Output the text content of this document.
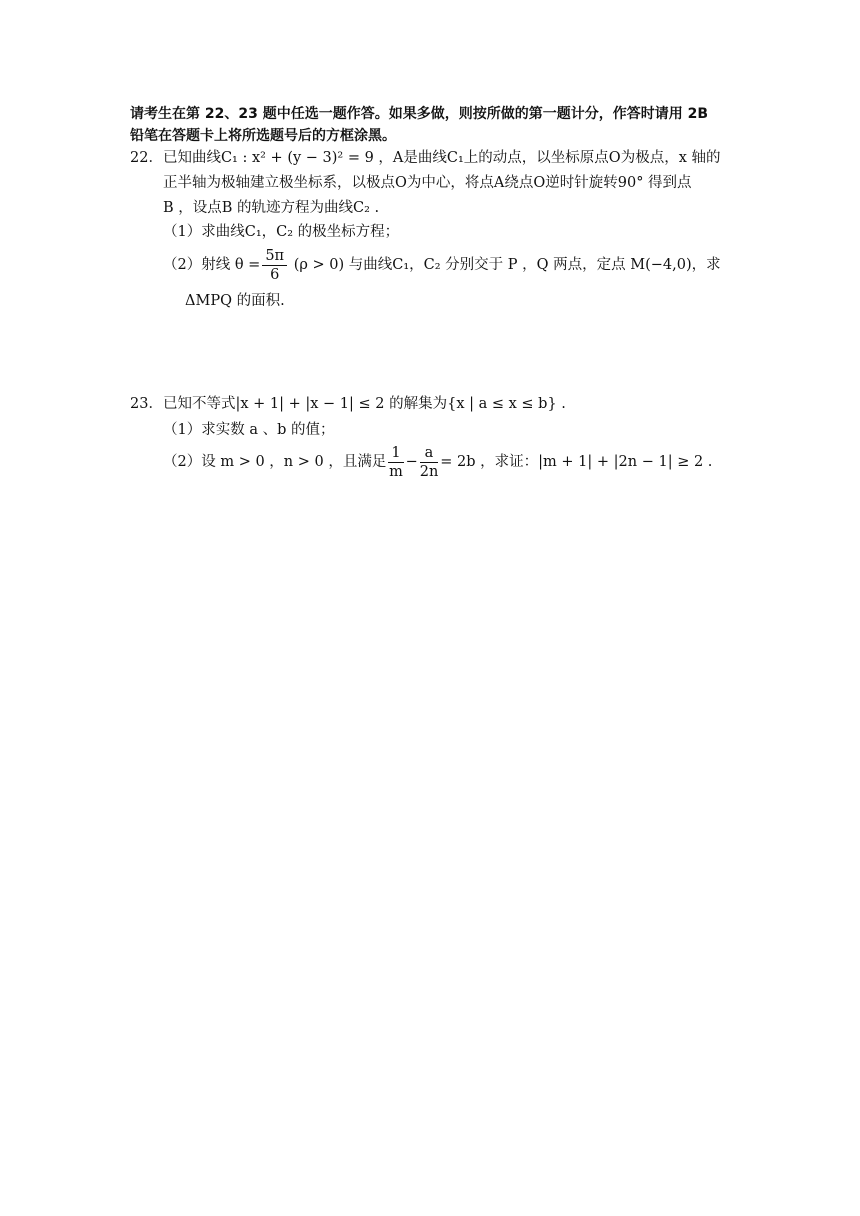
请考生在第 22、23 题中任选一题作答。如果多做，则按所做的第一题计分，作答时请用 2B
铅笔在答题卡上将所选题号后的方框涂黑。
22．已知曲线C₁ : x² + (y − 3)² = 9 ，A是曲线C₁上的动点，以坐标原点O为极点，x 轴的
正半轴为极轴建立极坐标系，以极点O为中心，将点A绕点O逆时针旋转90° 得到点
B ，设点B 的轨迹方程为曲线C₂ .
（1）求曲线C₁，C₂ 的极坐标方程；
（2）射线 $\theta = \frac{5\pi}{6} (\rho > 0)$ 与曲线C₁，C₂ 分别交于 P ，Q 两点，定点 M(−4,0)，求
ΔMPQ 的面积.
23．已知不等式|x + 1| + |x − 1| ≤ 2 的解集为{x | a ≤ x ≤ b} .
（1）求实数 a 、b 的值；
（2）设 m > 0 ，n > 0 ，且满足 $\frac{1}{m} - \frac{a}{2n} = 2b$ ，求证：|m + 1| + |2n − 1| ≥ 2 .
